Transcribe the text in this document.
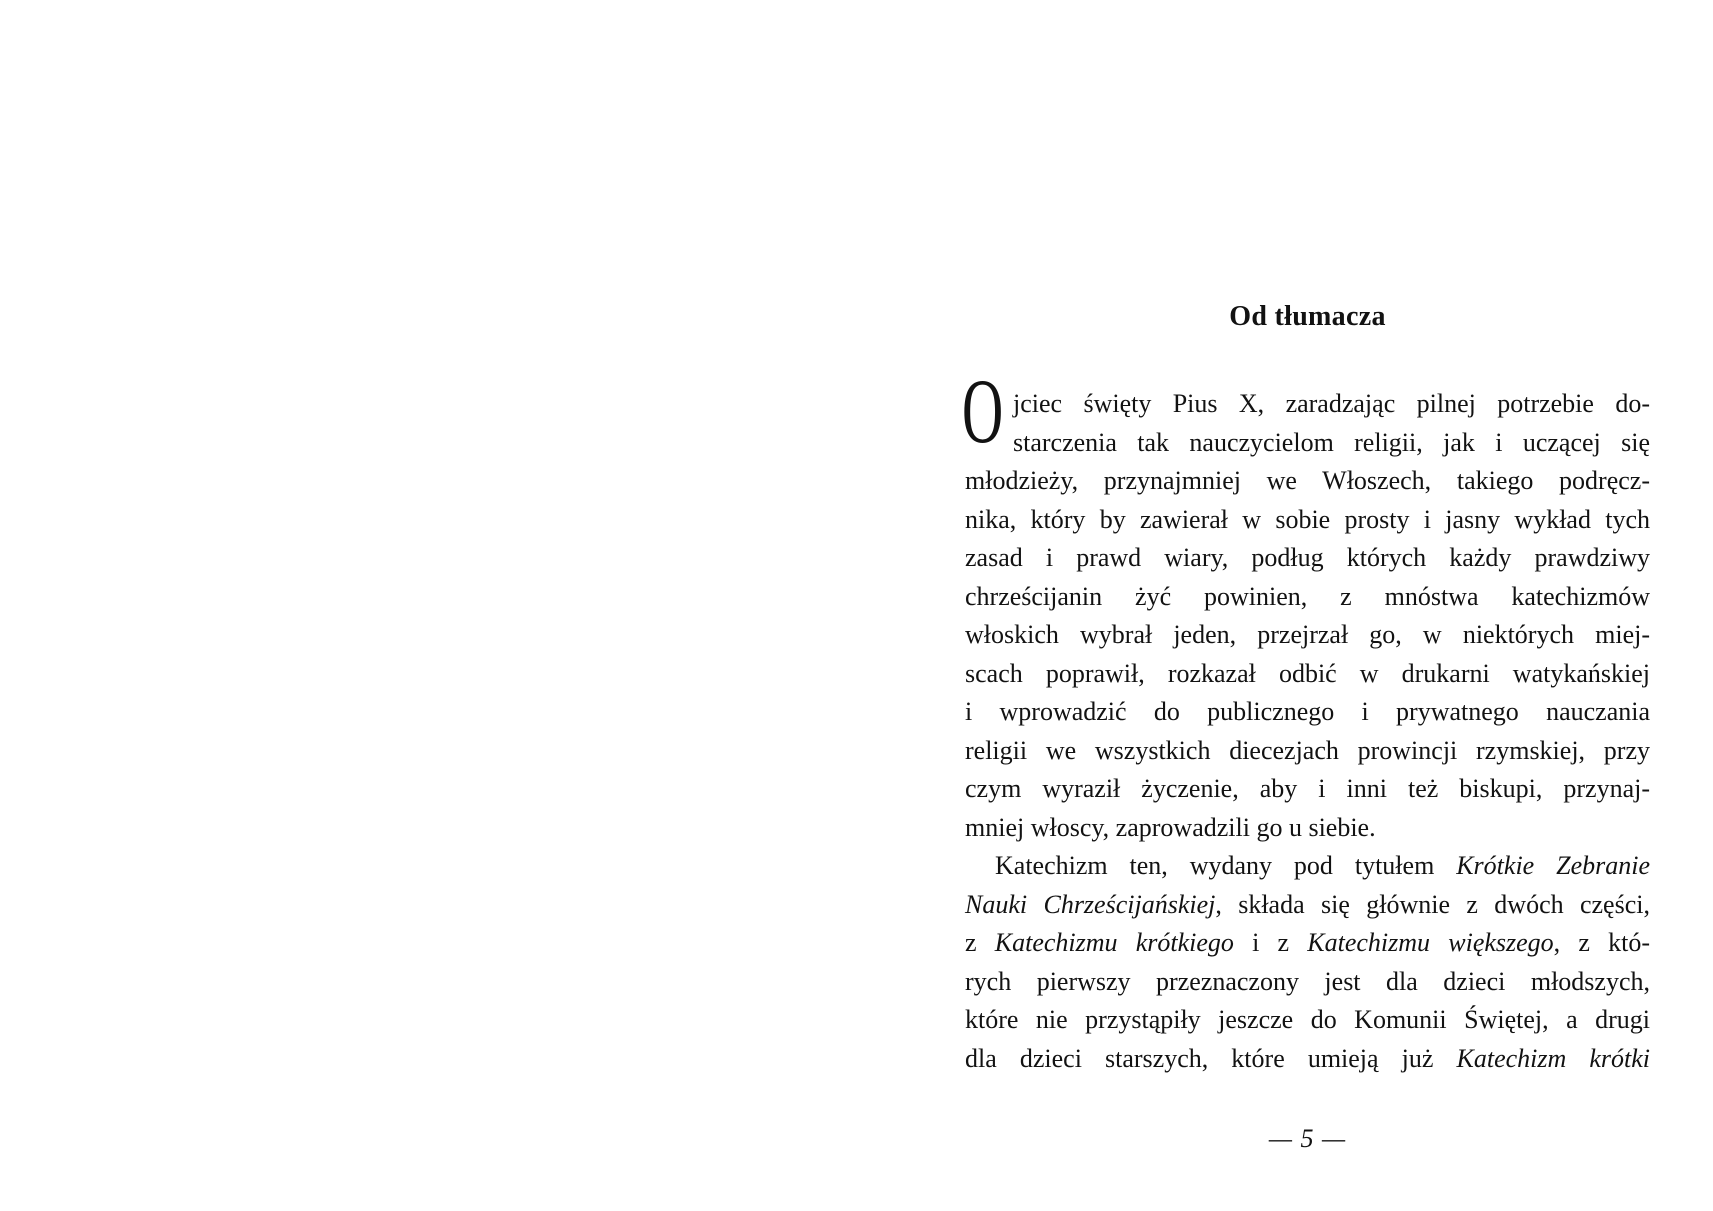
Od tłumacza
O jciec święty Pius X, zaradzając pilnej potrzebie do-
starczenia tak nauczycielom religii, jak i uczącej się
młodzieży, przynajmniej we Włoszech, takiego podręcz-
nika, który by zawierał w sobie prosty i jasny wykład tych
zasad i prawd wiary, podług których każdy prawdziwy
chrześcijanin żyć powinien, z mnóstwa katechizmów
włoskich wybrał jeden, przejrzał go, w niektórych miej-
scach poprawił, rozkazał odbić w drukarni watykańskiej
i wprowadzić do publicznego i prywatnego nauczania
religii we wszystkich diecezjach prowincji rzymskiej, przy
czym wyraził życzenie, aby i inni też biskupi, przynaj-
mniej włoscy, zaprowadzili go u siebie.
Katechizm ten, wydany pod tytułem Krótkie Zebranie
Nauki Chrześcijańskiej, składa się głównie z dwóch części,
z Katechizmu krótkiego i z Katechizmu większego, z któ-
rych pierwszy przeznaczony jest dla dzieci młodszych,
które nie przystąpiły jeszcze do Komunii Świętej, a drugi
dla dzieci starszych, które umieją już Katechizm krótki
— 5 —
